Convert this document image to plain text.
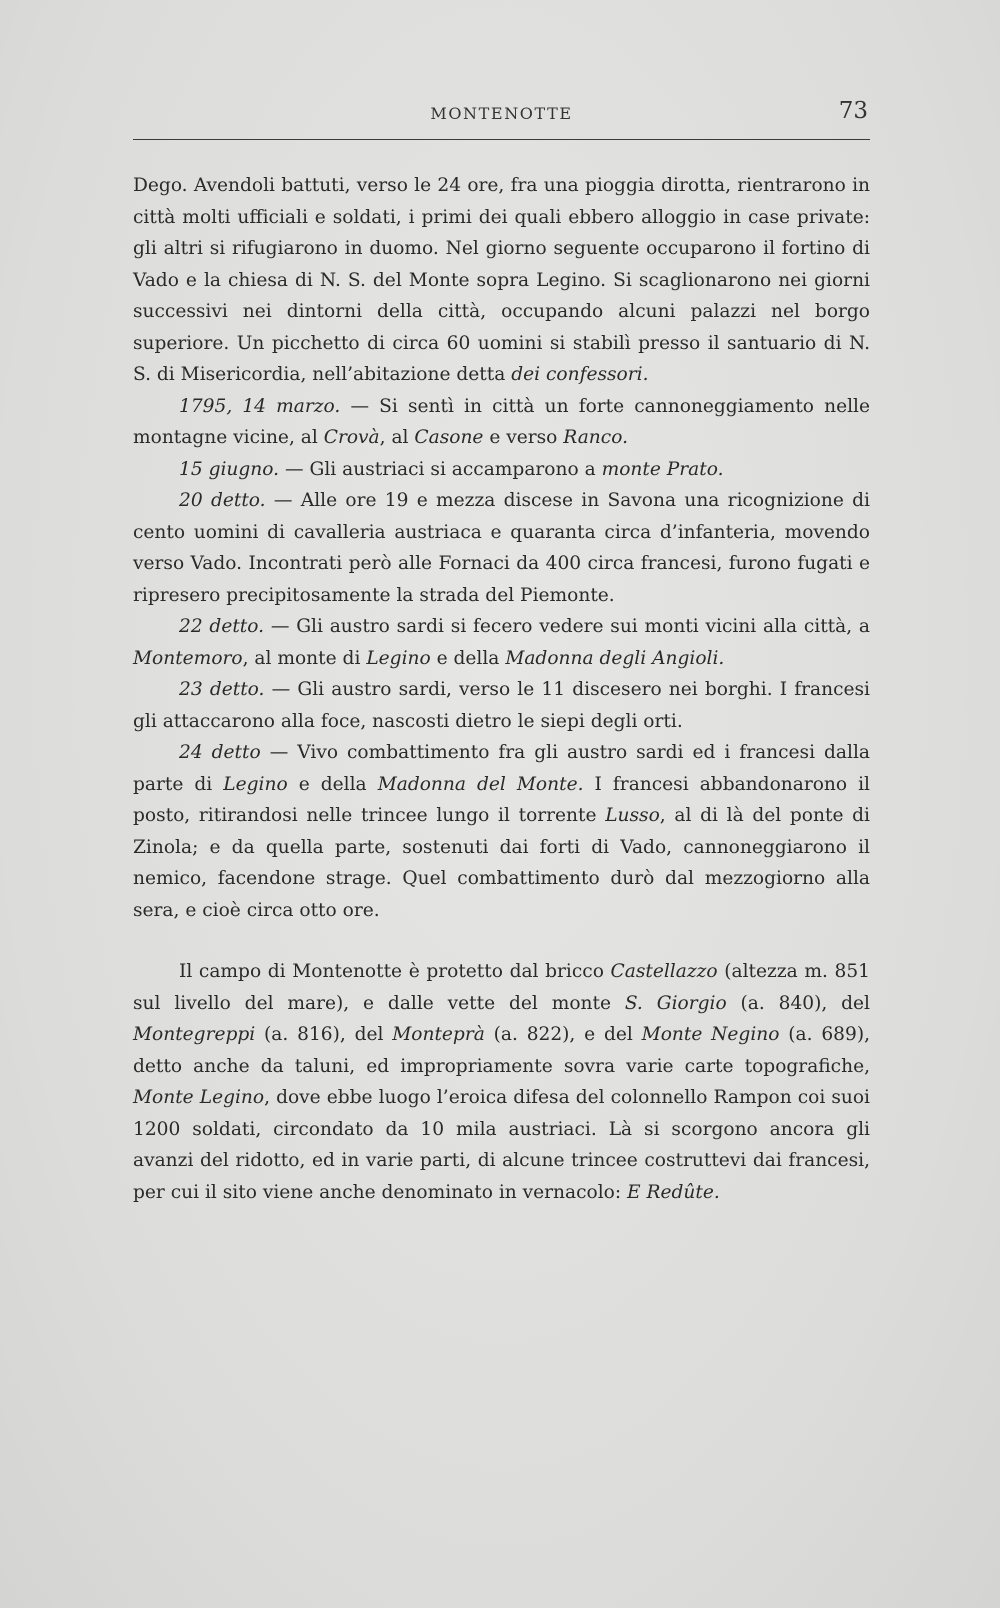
MONTENOTTE	73

Dego. Avendoli battuti, verso le 24 ore, fra una pioggia dirotta, rientrarono in città molti ufficiali e soldati, i primi dei quali ebbero alloggio in case private: gli altri si rifugiarono in duomo. Nel giorno seguente occuparono il fortino di Vado e la chiesa di N. S. del Monte sopra Legino. Si scaglionarono nei giorni successivi nei dintorni della città, occupando alcuni palazzi nel borgo superiore. Un picchetto di circa 60 uomini si stabilì presso il santuario di N. S. di Misericordia, nell’abitazione detta dei confessori.

1795, 14 marzo. — Si sentì in città un forte cannoneggiamento nelle montagne vicine, al Crovà, al Casone e verso Ranco.

15 giugno. — Gli austriaci si accamparono a monte Prato.

20 detto. — Alle ore 19 e mezza discese in Savona una ricognizione di cento uomini di cavalleria austriaca e quaranta circa d’infanteria, movendo verso Vado. Incontrati però alle Fornaci da 400 circa francesi, furono fugati e ripresero precipitosamente la strada del Piemonte.

22 detto. — Gli austro sardi si fecero vedere sui monti vicini alla città, a Montemoro, al monte di Legino e della Madonna degli Angioli.

23 detto. — Gli austro sardi, verso le 11 discesero nei borghi. I francesi gli attaccarono alla foce, nascosti dietro le siepi degli orti.

24 detto — Vivo combattimento fra gli austro sardi ed i francesi dalla parte di Legino e della Madonna del Monte. I francesi abbandonarono il posto, ritirandosi nelle trincee lungo il torrente Lusso, al di là del ponte di Zinola; e da quella parte, sostenuti dai forti di Vado, cannoneggiarono il nemico, facendone strage. Quel combattimento durò dal mezzogiorno alla sera, e cioè circa otto ore.

Il campo di Montenotte è protetto dal bricco Castellazzo (altezza m. 851 sul livello del mare), e dalle vette del monte S. Giorgio (a. 840), del Montegreppi (a. 816), del Monteprà (a. 822), e del Monte Negino (a. 689), detto anche da taluni, ed impropriamente sovra varie carte topografiche, Monte Legino, dove ebbe luogo l’eroica difesa del colonnello Rampon coi suoi 1200 soldati, circondato da 10 mila austriaci. Là si scorgono ancora gli avanzi del ridotto, ed in varie parti, di alcune trincee costruttevi dai francesi, per cui il sito viene anche denominato in vernacolo: E Redûte.
